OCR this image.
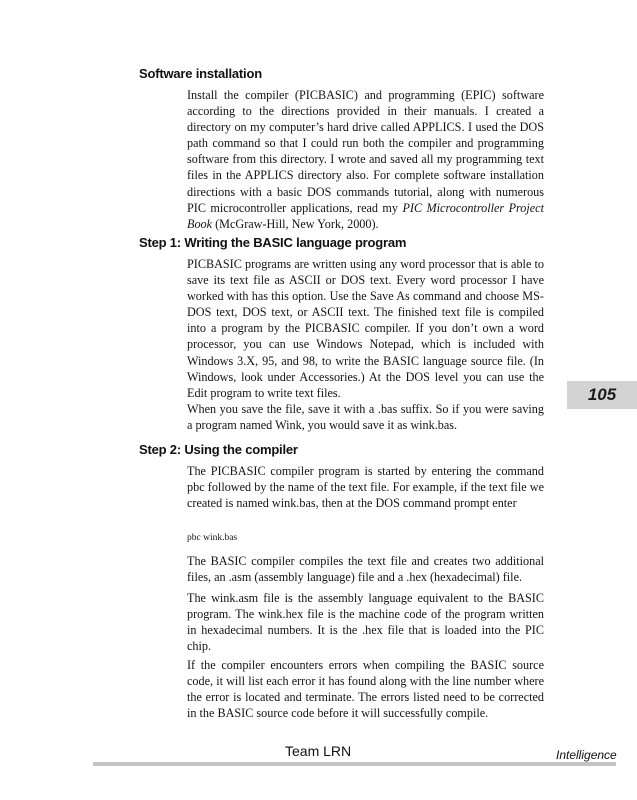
Software installation

Install the compiler (PICBASIC) and programming (EPIC) software according to the directions provided in their manuals. I created a directory on my computer’s hard drive called APPLICS. I used the DOS path command so that I could run both the compiler and programming software from this directory. I wrote and saved all my programming text files in the APPLICS directory also. For complete software installation directions with a basic DOS commands tutorial, along with numerous PIC microcontroller applications, read my PIC Microcontroller Project Book (McGraw-Hill, New York, 2000).

Step 1: Writing the BASIC language program

PICBASIC programs are written using any word processor that is able to save its text file as ASCII or DOS text. Every word processor I have worked with has this option. Use the Save As command and choose MS-DOS text, DOS text, or ASCII text. The finished text file is compiled into a program by the PICBASIC compiler. If you don’t own a word processor, you can use Windows Notepad, which is included with Windows 3.X, 95, and 98, to write the BASIC language source file. (In Windows, look under Accessories.) At the DOS level you can use the Edit program to write text files.

When you save the file, save it with a .bas suffix. So if you were saving a program named Wink, you would save it as wink.bas.

105
Step 2: Using the compiler

The PICBASIC compiler program is started by entering the command pbc followed by the name of the text file. For example, if the text file we created is named wink.bas, then at the DOS command prompt enter

pbc wink.bas

The BASIC compiler compiles the text file and creates two additional files, an .asm (assembly language) file and a .hex (hexadecimal) file.

The wink.asm file is the assembly language equivalent to the BASIC program. The wink.hex file is the machine code of the program written in hexadecimal numbers. It is the .hex file that is loaded into the PIC chip.

If the compiler encounters errors when compiling the BASIC source code, it will list each error it has found along with the line number where the error is located and terminate. The errors listed need to be corrected in the BASIC source code before it will successfully compile.

Team LRN	Intelligence
